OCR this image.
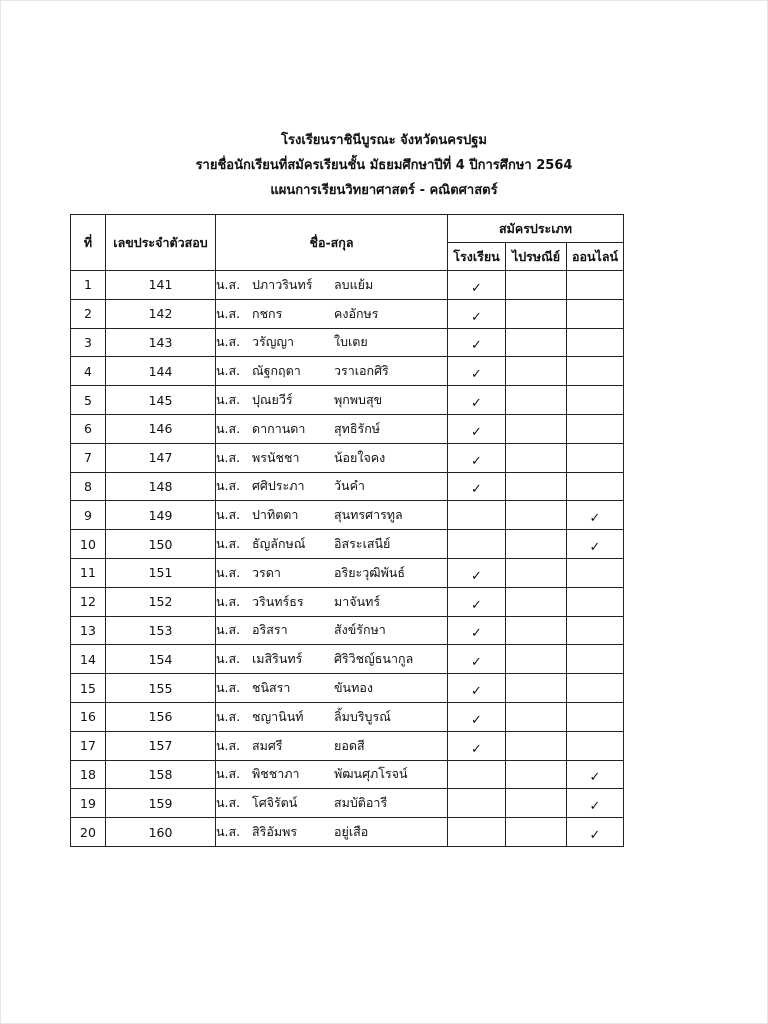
โรงเรียนราชินีบูรณะ จังหวัดนครปฐม
รายชื่อนักเรียนที่สมัครเรียนชั้น มัธยมศึกษาปีที่ 4 ปีการศึกษา 2564
แผนการเรียนวิทยาศาสตร์ - คณิตศาสตร์
ที่	เลขประจำตัวสอบ	ชื่อ-สกุล	สมัครประเภท		
			โรงเรียน	ไปรษณีย์	ออนไลน์
1	141	น.ส. ปภาวรินทร์ ลบแย้ม	✓		
2	142	น.ส. กชกร คงอักษร	✓		
3	143	น.ส. วรัญญา ใบเตย	✓		
4	144	น.ส. ณัฐกฤตา วราเอกศิริ	✓		
5	145	น.ส. ปุณยวีร์ พุกพบสุข	✓		
6	146	น.ส. ดากานดา สุทธิรักษ์	✓		
7	147	น.ส. พรนัชชา น้อยใจคง	✓		
8	148	น.ส. ศศิประภา วันคำ	✓		
9	149	น.ส. ปาทิตตา สุนทรศารทูล			✓
10	150	น.ส. ธัญลักษณ์ อิสระเสนีย์			✓
11	151	น.ส. วรดา อริยะวุฒิพันธ์	✓		
12	152	น.ส. วรินทร์ธร มาจันทร์	✓		
13	153	น.ส. อริสรา สังข์รักษา	✓		
14	154	น.ส. เมสิรินทร์ ศิริวิชญ์ธนากูล	✓		
15	155	น.ส. ชนิสรา ขันทอง	✓		
16	156	น.ส. ชญานินท์ ลิ้มบริบูรณ์	✓		
17	157	น.ส. สมศรี ยอดสี	✓		
18	158	น.ส. พิชชาภา พัฒนศุภโรจน์			✓
19	159	น.ส. โศจิรัตน์ สมบัติอารี			✓
20	160	น.ส. สิริอัมพร อยู่เสือ			✓
